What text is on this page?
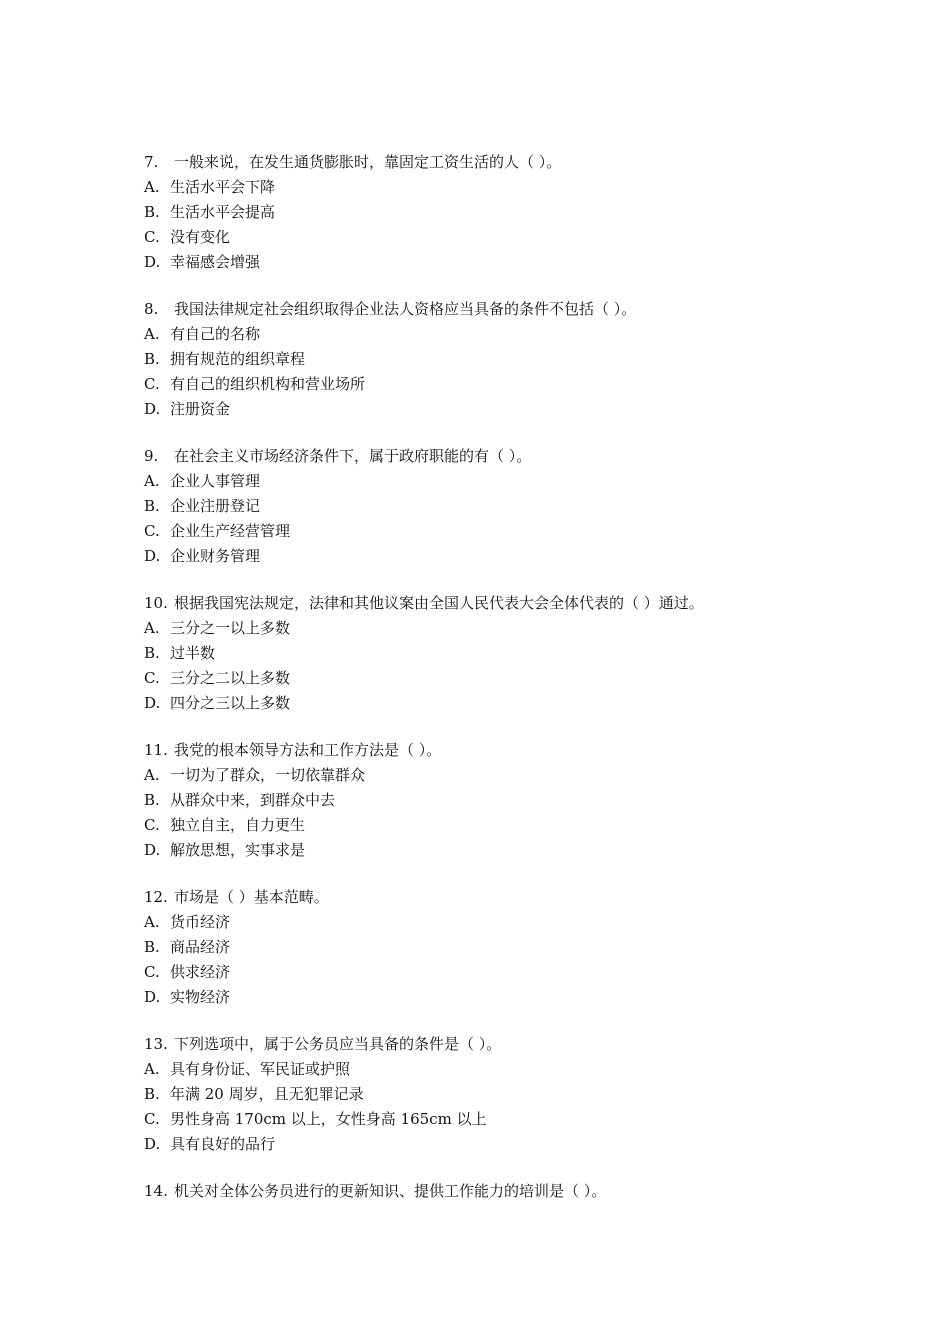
7. 一般来说，在发生通货膨胀时，靠固定工资生活的人（ ）。
A. 生活水平会下降
B. 生活水平会提高
C. 没有变化
D. 幸福感会增强
8. 我国法律规定社会组织取得企业法人资格应当具备的条件不包括（ ）。
A. 有自己的名称
B. 拥有规范的组织章程
C. 有自己的组织机构和营业场所
D. 注册资金
9. 在社会主义市场经济条件下，属于政府职能的有（ ）。
A. 企业人事管理
B. 企业注册登记
C. 企业生产经营管理
D. 企业财务管理
10. 根据我国宪法规定，法律和其他议案由全国人民代表大会全体代表的（ ）通过。
A. 三分之一以上多数
B. 过半数
C. 三分之二以上多数
D. 四分之三以上多数
11. 我党的根本领导方法和工作方法是（ ）。
A. 一切为了群众，一切依靠群众
B. 从群众中来，到群众中去
C. 独立自主，自力更生
D. 解放思想，实事求是
12. 市场是（ ）基本范畴。
A. 货币经济
B. 商品经济
C. 供求经济
D. 实物经济
13. 下列选项中，属于公务员应当具备的条件是（ ）。
A. 具有身份证、军民证或护照
B. 年满 20 周岁，且无犯罪记录
C. 男性身高 170cm 以上，女性身高 165cm 以上
D. 具有良好的品行
14. 机关对全体公务员进行的更新知识、提供工作能力的培训是（ ）。
